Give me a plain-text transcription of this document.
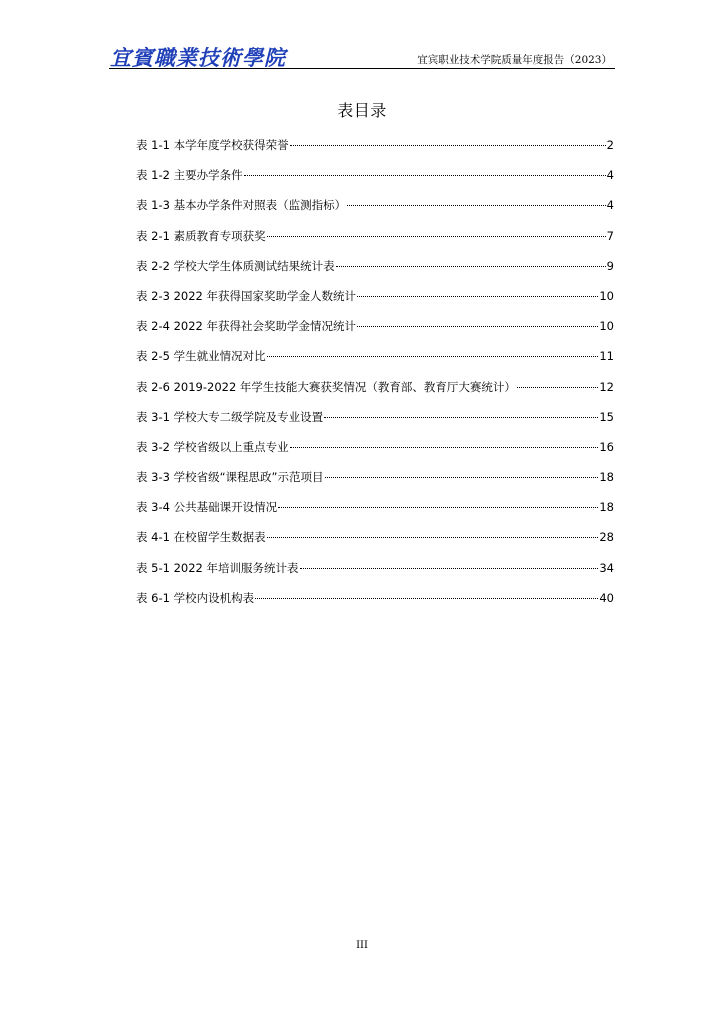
宜賓職業技術學院	宜宾职业技术学院质量年度报告（2023）
表目录
表 1-1 本学年度学校获得荣誉	2
表 1-2 主要办学条件	4
表 1-3 基本办学条件对照表（监测指标）	4
表 2-1 素质教育专项获奖	7
表 2-2 学校大学生体质测试结果统计表	9
表 2-3 2022 年获得国家奖助学金人数统计	10
表 2-4 2022 年获得社会奖助学金情况统计	10
表 2-5 学生就业情况对比	11
表 2-6 2019-2022 年学生技能大赛获奖情况（教育部、教育厅大赛统计）	12
表 3-1 学校大专二级学院及专业设置	15
表 3-2 学校省级以上重点专业	16
表 3-3 学校省级“课程思政”示范项目	18
表 3-4 公共基础课开设情况	18
表 4-1 在校留学生数据表	28
表 5-1 2022 年培训服务统计表	34
表 6-1 学校内设机构表	40
III
